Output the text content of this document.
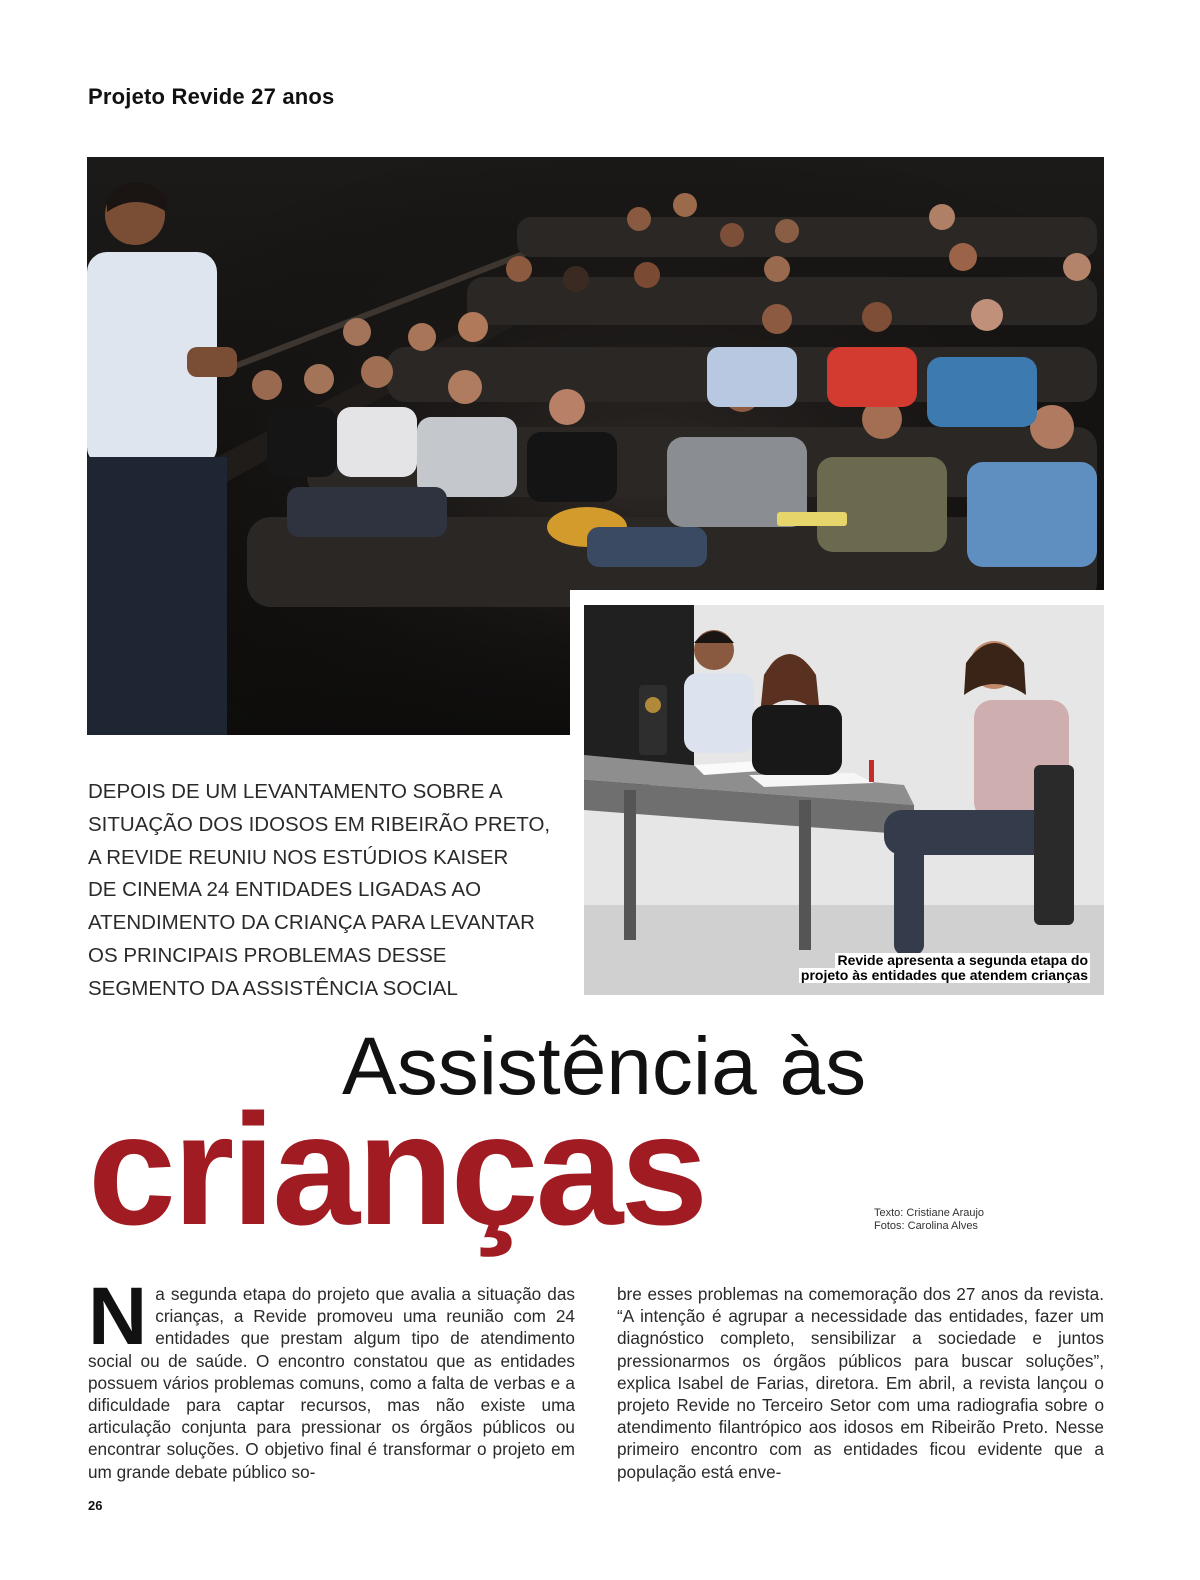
Projeto Revide 27 anos
Revide apresenta a segunda etapa do
projeto às entidades que atendem crianças
DEPOIS DE UM LEVANTAMENTO SOBRE A
SITUAÇÃO DOS IDOSOS EM RIBEIRÃO PRETO,
A REVIDE REUNIU NOS ESTÚDIOS KAISER
DE CINEMA 24 ENTIDADES LIGADAS AO
ATENDIMENTO DA CRIANÇA PARA LEVANTAR
OS PRINCIPAIS PROBLEMAS DESSE
SEGMENTO DA ASSISTÊNCIA SOCIAL
Assistência às
crianças	Texto: Cristiane Araujo
Fotos: Carolina Alves
N a segunda etapa do projeto que avalia a situação das crianças, a Revide promoveu uma reunião com 24 entidades que prestam algum tipo de atendimento social ou de saúde. O encontro constatou que as entidades possuem vários problemas comuns, como a falta de verbas e a dificuldade para captar recursos, mas não existe uma articulação conjunta para pressionar os órgãos públicos ou encontrar soluções. O objetivo final é transformar o projeto em um grande debate público so-
bre esses problemas na comemoração dos 27 anos da revista. “A intenção é agrupar a necessidade das entidades, fazer um diagnóstico completo, sensibilizar a sociedade e juntos pressionarmos os órgãos públicos para buscar soluções”, explica Isabel de Farias, diretora. Em abril, a revista lançou o projeto Revide no Terceiro Setor com uma radiografia sobre o atendimento filantrópico aos idosos em Ribeirão Preto. Nesse primeiro encontro com as entidades ficou evidente que a população está enve-
26
